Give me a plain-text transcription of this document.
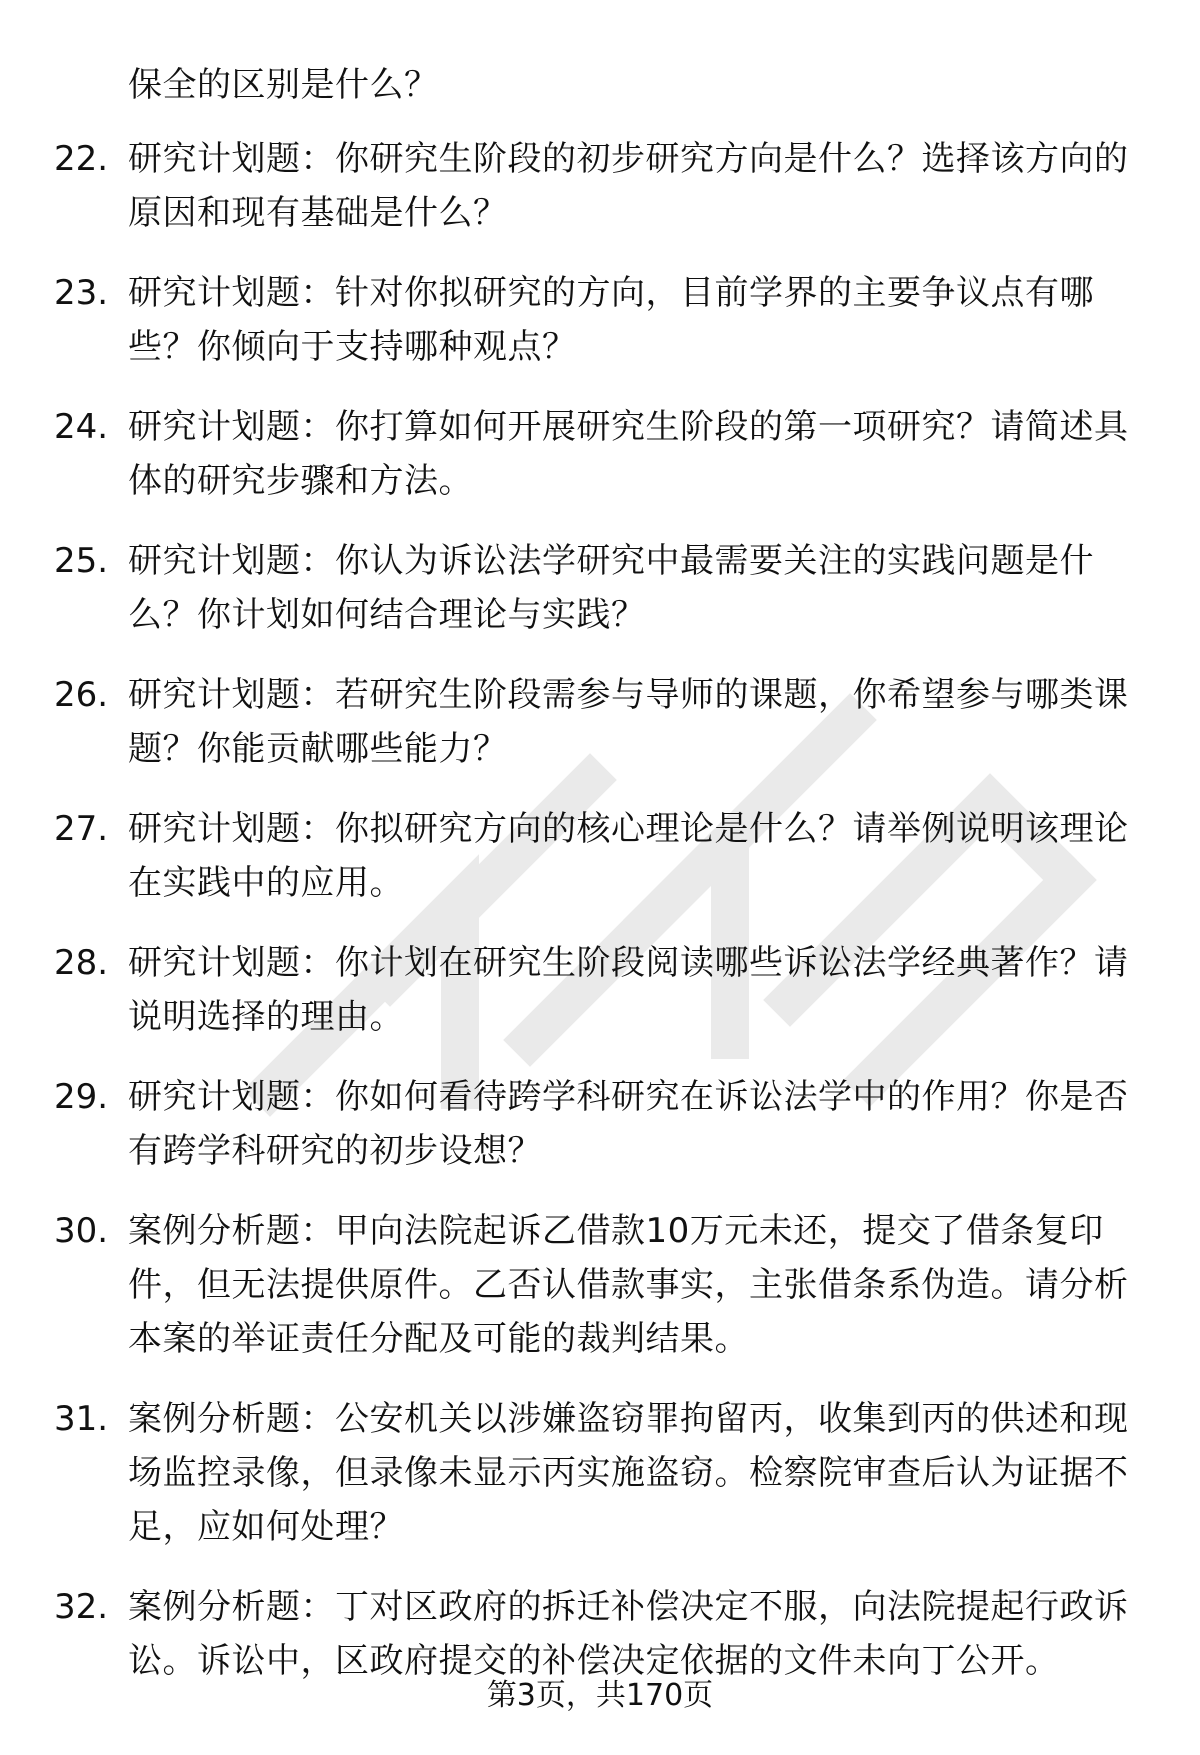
保全的区别是什么？
22. 研究计划题：你研究生阶段的初步研究方向是什么？选择该方向的原因和现有基础是什么？
23. 研究计划题：针对你拟研究的方向，目前学界的主要争议点有哪些？你倾向于支持哪种观点？
24. 研究计划题：你打算如何开展研究生阶段的第一项研究？请简述具体的研究步骤和方法。
25. 研究计划题：你认为诉讼法学研究中最需要关注的实践问题是什么？你计划如何结合理论与实践？
26. 研究计划题：若研究生阶段需参与导师的课题，你希望参与哪类课题？你能贡献哪些能力？
27. 研究计划题：你拟研究方向的核心理论是什么？请举例说明该理论在实践中的应用。
28. 研究计划题：你计划在研究生阶段阅读哪些诉讼法学经典著作？请说明选择的理由。
29. 研究计划题：你如何看待跨学科研究在诉讼法学中的作用？你是否有跨学科研究的初步设想？
30. 案例分析题：甲向法院起诉乙借款10万元未还，提交了借条复印件，但无法提供原件。乙否认借款事实，主张借条系伪造。请分析本案的举证责任分配及可能的裁判结果。
31. 案例分析题：公安机关以涉嫌盗窃罪拘留丙，收集到丙的供述和现场监控录像，但录像未显示丙实施盗窃。检察院审查后认为证据不足，应如何处理？
32. 案例分析题：丁对区政府的拆迁补偿决定不服，向法院提起行政诉讼。诉讼中，区政府提交的补偿决定依据的文件未向丁公开。
第3页，共170页
